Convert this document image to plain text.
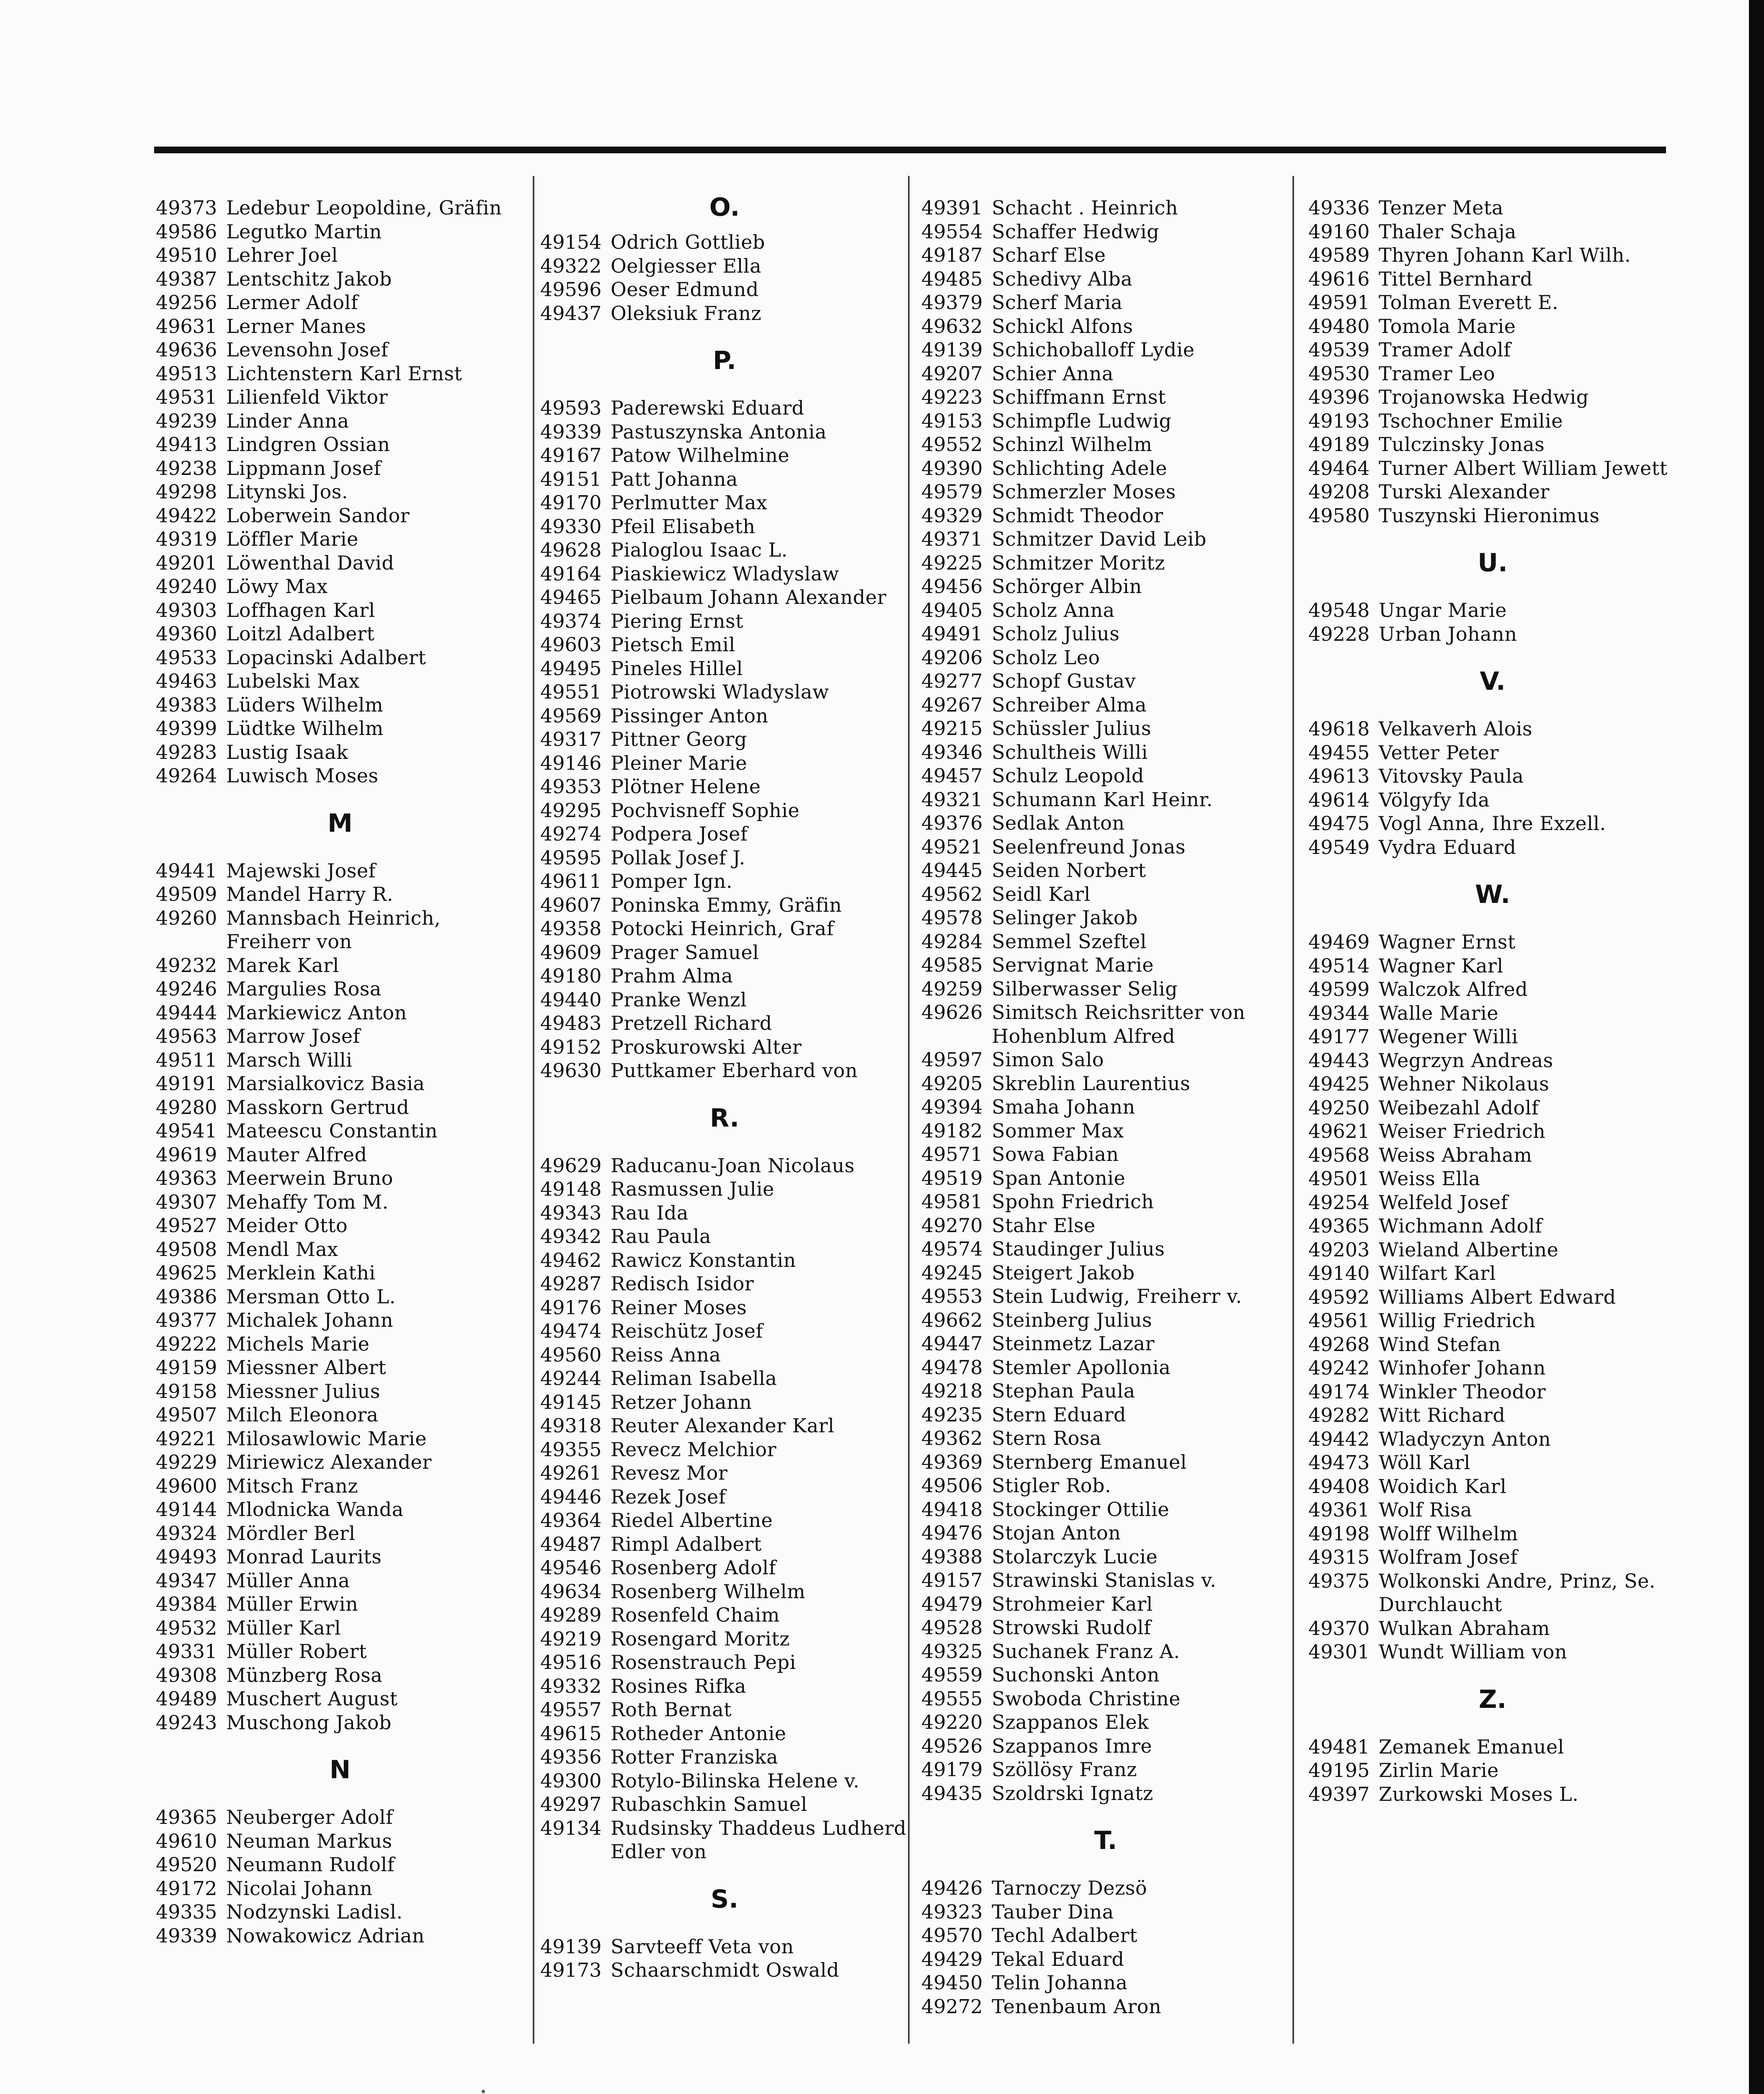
49373 Ledebur Leopoldine, Gräfin
49586 Legutko Martin
49510 Lehrer Joel
49387 Lentschitz Jakob
49256 Lermer Adolf
49631 Lerner Manes
49636 Levensohn Josef
49513 Lichtenstern Karl Ernst
49531 Lilienfeld Viktor
49239 Linder Anna
49413 Lindgren Ossian
49238 Lippmann Josef
49298 Litynski Jos.
49422 Loberwein Sandor
49319 Löffler Marie
49201 Löwenthal David
49240 Löwy Max
49303 Loffhagen Karl
49360 Loitzl Adalbert
49533 Lopacinski Adalbert
49463 Lubelski Max
49383 Lüders Wilhelm
49399 Lüdtke Wilhelm
49283 Lustig Isaak
49264 Luwisch Moses
M
49441 Majewski Josef
49509 Mandel Harry R.
49260 Mannsbach Heinrich, Freiherr von
49232 Marek Karl
49246 Margulies Rosa
49444 Markiewicz Anton
49563 Marrow Josef
49511 Marsch Willi
49191 Marsialkovicz Basia
49280 Masskorn Gertrud
49541 Mateescu Constantin
49619 Mauter Alfred
49363 Meerwein Bruno
49307 Mehaffy Tom M.
49527 Meider Otto
49508 Mendl Max
49625 Merklein Kathi
49386 Mersman Otto L.
49377 Michalek Johann
49222 Michels Marie
49159 Miessner Albert
49158 Miessner Julius
49507 Milch Eleonora
49221 Milosawlowic Marie
49229 Miriewicz Alexander
49600 Mitsch Franz
49144 Mlodnicka Wanda
49324 Mördler Berl
49493 Monrad Laurits
49347 Müller Anna
49384 Müller Erwin
49532 Müller Karl
49331 Müller Robert
49308 Münzberg Rosa
49489 Muschert August
49243 Muschong Jakob
N
49365 Neuberger Adolf
49610 Neuman Markus
49520 Neumann Rudolf
49172 Nicolai Johann
49335 Nodzynski Ladisl.
49339 Nowakowicz Adrian
O.
49154 Odrich Gottlieb
49322 Oelgiesser Ella
49596 Oeser Edmund
49437 Oleksiuk Franz
P.
49593 Paderewski Eduard
49339 Pastuszynska Antonia
49167 Patow Wilhelmine
49151 Patt Johanna
49170 Perlmutter Max
49330 Pfeil Elisabeth
49628 Pialoglou Isaac L.
49164 Piaskiewicz Wladyslaw
49465 Pielbaum Johann Alexander
49374 Piering Ernst
49603 Pietsch Emil
49495 Pineles Hillel
49551 Piotrowski Wladyslaw
49569 Pissinger Anton
49317 Pittner Georg
49146 Pleiner Marie
49353 Plötner Helene
49295 Pochvisneff Sophie
49274 Podpera Josef
49595 Pollak Josef J.
49611 Pomper Ign.
49607 Poninska Emmy, Gräfin
49358 Potocki Heinrich, Graf
49609 Prager Samuel
49180 Prahm Alma
49440 Pranke Wenzl
49483 Pretzell Richard
49152 Proskurowski Alter
49630 Puttkamer Eberhard von
R.
49629 Raducanu-Joan Nicolaus
49148 Rasmussen Julie
49343 Rau Ida
49342 Rau Paula
49462 Rawicz Konstantin
49287 Redisch Isidor
49176 Reiner Moses
49474 Reischütz Josef
49560 Reiss Anna
49244 Reliman Isabella
49145 Retzer Johann
49318 Reuter Alexander Karl
49355 Revecz Melchior
49261 Revesz Mor
49446 Rezek Josef
49364 Riedel Albertine
49487 Rimpl Adalbert
49546 Rosenberg Adolf
49634 Rosenberg Wilhelm
49289 Rosenfeld Chaim
49219 Rosengard Moritz
49516 Rosenstrauch Pepi
49332 Rosines Rifka
49557 Roth Bernat
49615 Rotheder Antonie
49356 Rotter Franziska
49300 Rotylo-Bilinska Helene v.
49297 Rubaschkin Samuel
49134 Rudsinsky Thaddeus Ludherd Edler von
S.
49139 Sarvteeff Veta von
49173 Schaarschmidt Oswald
49391 Schacht . Heinrich
49554 Schaffer Hedwig
49187 Scharf Else
49485 Schedivy Alba
49379 Scherf Maria
49632 Schickl Alfons
49139 Schichoballoff Lydie
49207 Schier Anna
49223 Schiffmann Ernst
49153 Schimpfle Ludwig
49552 Schinzl Wilhelm
49390 Schlichting Adele
49579 Schmerzler Moses
49329 Schmidt Theodor
49371 Schmitzer David Leib
49225 Schmitzer Moritz
49456 Schörger Albin
49405 Scholz Anna
49491 Scholz Julius
49206 Scholz Leo
49277 Schopf Gustav
49267 Schreiber Alma
49215 Schüssler Julius
49346 Schultheis Willi
49457 Schulz Leopold
49321 Schumann Karl Heinr.
49376 Sedlak Anton
49521 Seelenfreund Jonas
49445 Seiden Norbert
49562 Seidl Karl
49578 Selinger Jakob
49284 Semmel Szeftel
49585 Servignat Marie
49259 Silberwasser Selig
49626 Simitsch Reichsritter von Hohenblum Alfred
49597 Simon Salo
49205 Skreblin Laurentius
49394 Smaha Johann
49182 Sommer Max
49571 Sowa Fabian
49519 Span Antonie
49581 Spohn Friedrich
49270 Stahr Else
49574 Staudinger Julius
49245 Steigert Jakob
49553 Stein Ludwig, Freiherr v.
49662 Steinberg Julius
49447 Steinmetz Lazar
49478 Stemler Apollonia
49218 Stephan Paula
49235 Stern Eduard
49362 Stern Rosa
49369 Sternberg Emanuel
49506 Stigler Rob.
49418 Stockinger Ottilie
49476 Stojan Anton
49388 Stolarczyk Lucie
49157 Strawinski Stanislas v.
49479 Strohmeier Karl
49528 Strowski Rudolf
49325 Suchanek Franz A.
49559 Suchonski Anton
49555 Swoboda Christine
49220 Szappanos Elek
49526 Szappanos Imre
49179 Szöllösy Franz
49435 Szoldrski Ignatz
T.
49426 Tarnoczy Dezsö
49323 Tauber Dina
49570 Techl Adalbert
49429 Tekal Eduard
49450 Telin Johanna
49272 Tenenbaum Aron
49336 Tenzer Meta
49160 Thaler Schaja
49589 Thyren Johann Karl Wilh.
49616 Tittel Bernhard
49591 Tolman Everett E.
49480 Tomola Marie
49539 Tramer Adolf
49530 Tramer Leo
49396 Trojanowska Hedwig
49193 Tschochner Emilie
49189 Tulczinsky Jonas
49464 Turner Albert William Jewett
49208 Turski Alexander
49580 Tuszynski Hieronimus
U.
49548 Ungar Marie
49228 Urban Johann
V.
49618 Velkaverh Alois
49455 Vetter Peter
49613 Vitovsky Paula
49614 Völgyfy Ida
49475 Vogl Anna, Ihre Exzell.
49549 Vydra Eduard
W.
49469 Wagner Ernst
49514 Wagner Karl
49599 Walczok Alfred
49344 Walle Marie
49177 Wegener Willi
49443 Wegrzyn Andreas
49425 Wehner Nikolaus
49250 Weibezahl Adolf
49621 Weiser Friedrich
49568 Weiss Abraham
49501 Weiss Ella
49254 Welfeld Josef
49365 Wichmann Adolf
49203 Wieland Albertine
49140 Wilfart Karl
49592 Williams Albert Edward
49561 Willig Friedrich
49268 Wind Stefan
49242 Winhofer Johann
49174 Winkler Theodor
49282 Witt Richard
49442 Wladyczyn Anton
49473 Wöll Karl
49408 Woidich Karl
49361 Wolf Risa
49198 Wolff Wilhelm
49315 Wolfram Josef
49375 Wolkonski Andre, Prinz, Se. Durchlaucht
49370 Wulkan Abraham
49301 Wundt William von
Z.
49481 Zemanek Emanuel
49195 Zirlin Marie
49397 Zurkowski Moses L.
